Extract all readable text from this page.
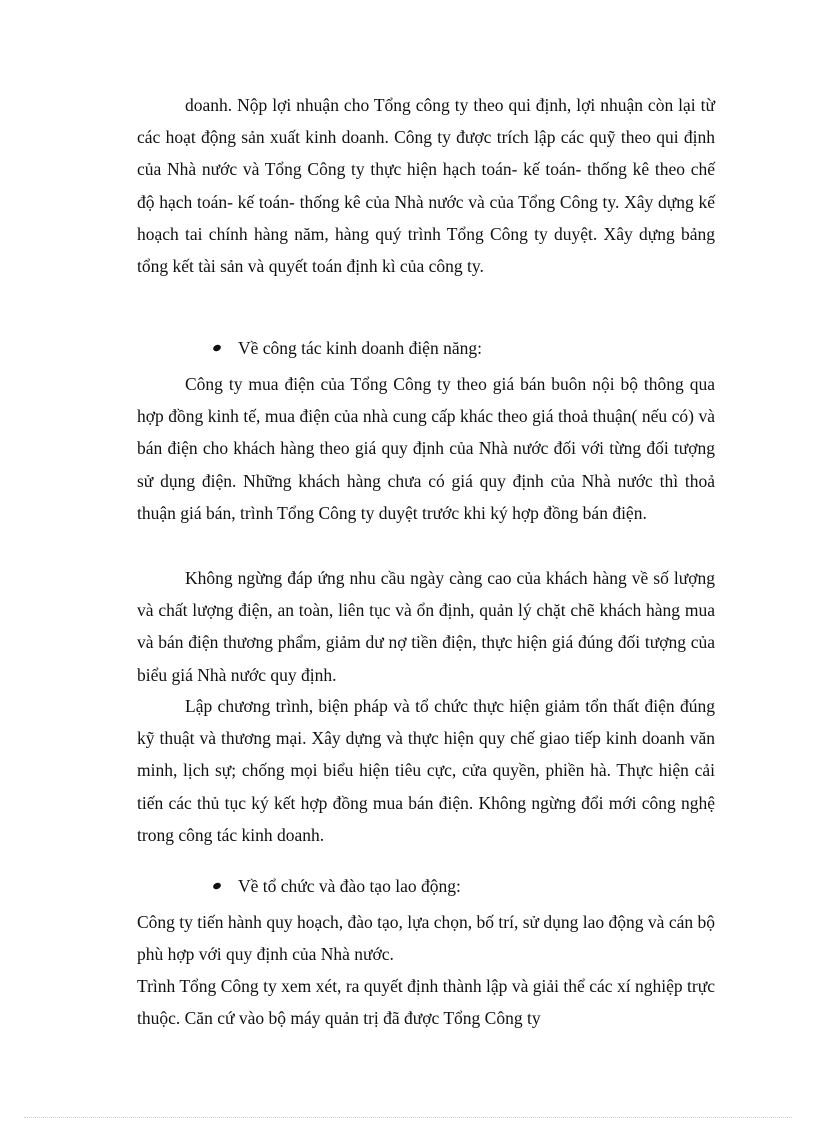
doanh. Nộp lợi nhuận cho Tổng công ty theo qui định, lợi nhuận còn lại từ các hoạt động sản xuất kinh doanh. Công ty được trích lập các quỹ theo qui định của Nhà nước và Tổng Công ty thực hiện hạch toán- kế toán- thống kê theo chế độ hạch toán- kế toán- thống kê của Nhà nước và của Tổng Công ty. Xây dựng kế hoạch tai chính hàng năm, hàng quý trình Tổng Công ty duyệt. Xây dựng bảng tổng kết tài sản và quyết toán định kì của công ty.

Về công tác kinh doanh điện năng:

Công ty mua điện của Tổng Công ty theo giá bán buôn nội bộ thông qua hợp đồng kinh tế, mua điện của nhà cung cấp khác theo giá thoả thuận( nếu có) và bán điện cho khách hàng theo giá quy định của Nhà nước đối với từng đối tượng sử dụng điện. Những khách hàng chưa có giá quy định của Nhà nước thì thoả thuận giá bán, trình Tổng Công ty duyệt trước khi ký hợp đồng bán điện.

Không ngừng đáp ứng nhu cầu ngày càng cao của khách hàng về số lượng và chất lượng điện, an toàn, liên tục và ổn định, quản lý chặt chẽ khách hàng mua và bán điện thương phẩm, giảm dư nợ tiền điện, thực hiện giá đúng đối tượng của biểu giá Nhà nước quy định.

Lập chương trình, biện pháp và tổ chức thực hiện giảm tổn thất điện đúng kỹ thuật và thương mại. Xây dựng và thực hiện quy chế giao tiếp kinh doanh văn minh, lịch sự; chống mọi biểu hiện tiêu cực, cửa quyền, phiền hà. Thực hiện cải tiến các thủ tục ký kết hợp đồng mua bán điện. Không ngừng đổi mới công nghệ trong công tác kinh doanh.

Về tổ chức và đào tạo lao động:

Công ty tiến hành quy hoạch, đào tạo, lựa chọn, bố trí, sử dụng lao động và cán bộ phù hợp với quy định của Nhà nước.

Trình Tổng Công ty xem xét, ra quyết định thành lập và giải thể các xí nghiệp trực thuộc. Căn cứ vào bộ máy quản trị đã được Tổng Công ty
